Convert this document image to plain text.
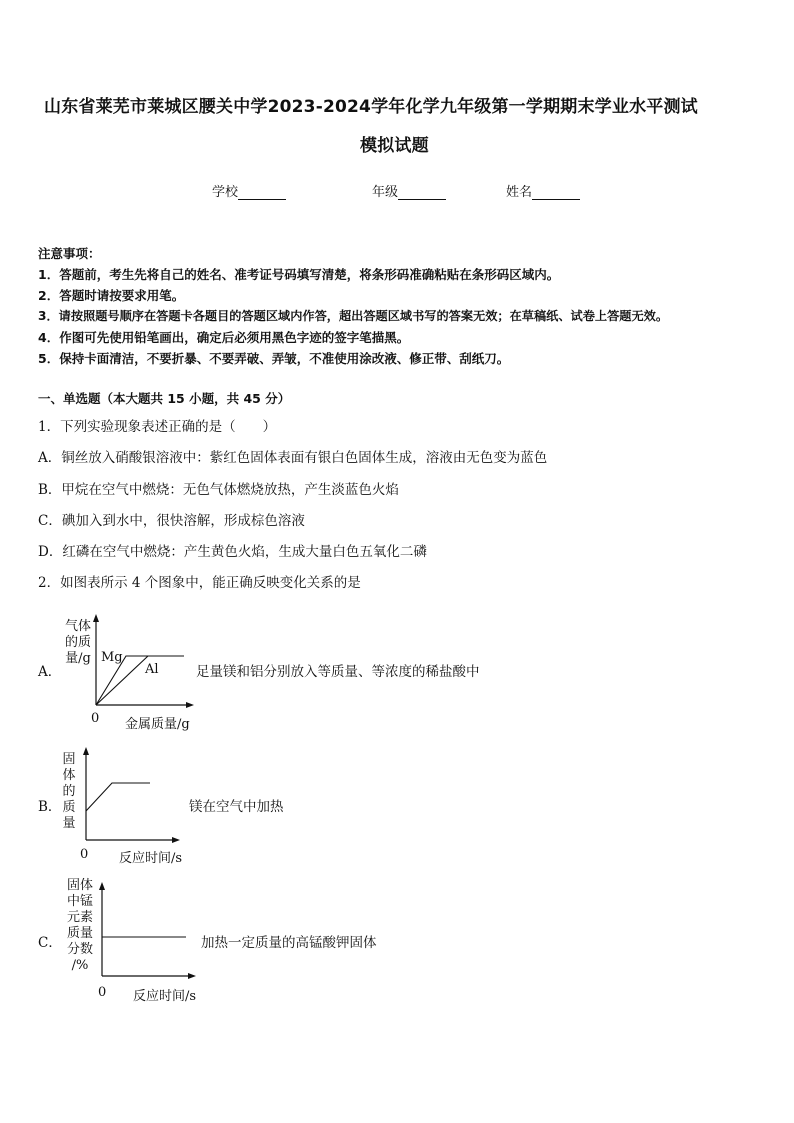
山东省莱芜市莱城区腰关中学2023-2024学年化学九年级第一学期期末学业水平测试
模拟试题
学校	年级	姓名
注意事项：
1．答题前，考生先将自己的姓名、准考证号码填写清楚，将条形码准确粘贴在条形码区域内。
2．答题时请按要求用笔。
3．请按照题号顺序在答题卡各题目的答题区域内作答，超出答题区域书写的答案无效；在草稿纸、试卷上答题无效。
4．作图可先使用铅笔画出，确定后必须用黑色字迹的签字笔描黑。
5．保持卡面清洁，不要折暴、不要弄破、弄皱，不准使用涂改液、修正带、刮纸刀。
一、单选题（本大题共 15 小题，共 45 分）
1．下列实验现象表述正确的是（　　）
A．铜丝放入硝酸银溶液中：紫红色固体表面有银白色固体生成，溶液由无色变为蓝色
B．甲烷在空气中燃烧：无色气体燃烧放热，产生淡蓝色火焰
C．碘加入到水中，很快溶解，形成棕色溶液
D．红磷在空气中燃烧：产生黄色火焰，生成大量白色五氧化二磷
2．如图表所示 4 个图象中，能正确反映变化关系的是
A．
气体
的质
量/g Mg
Al
0 金属质量/g
足量镁和铝分别放入等质量、等浓度的稀盐酸中
B．
固
体
的
质
量
0 反应时间/s
镁在空气中加热
C．
固体
中锰
元素
质量
分数
/%
0 反应时间/s
加热一定质量的高锰酸钾固体
